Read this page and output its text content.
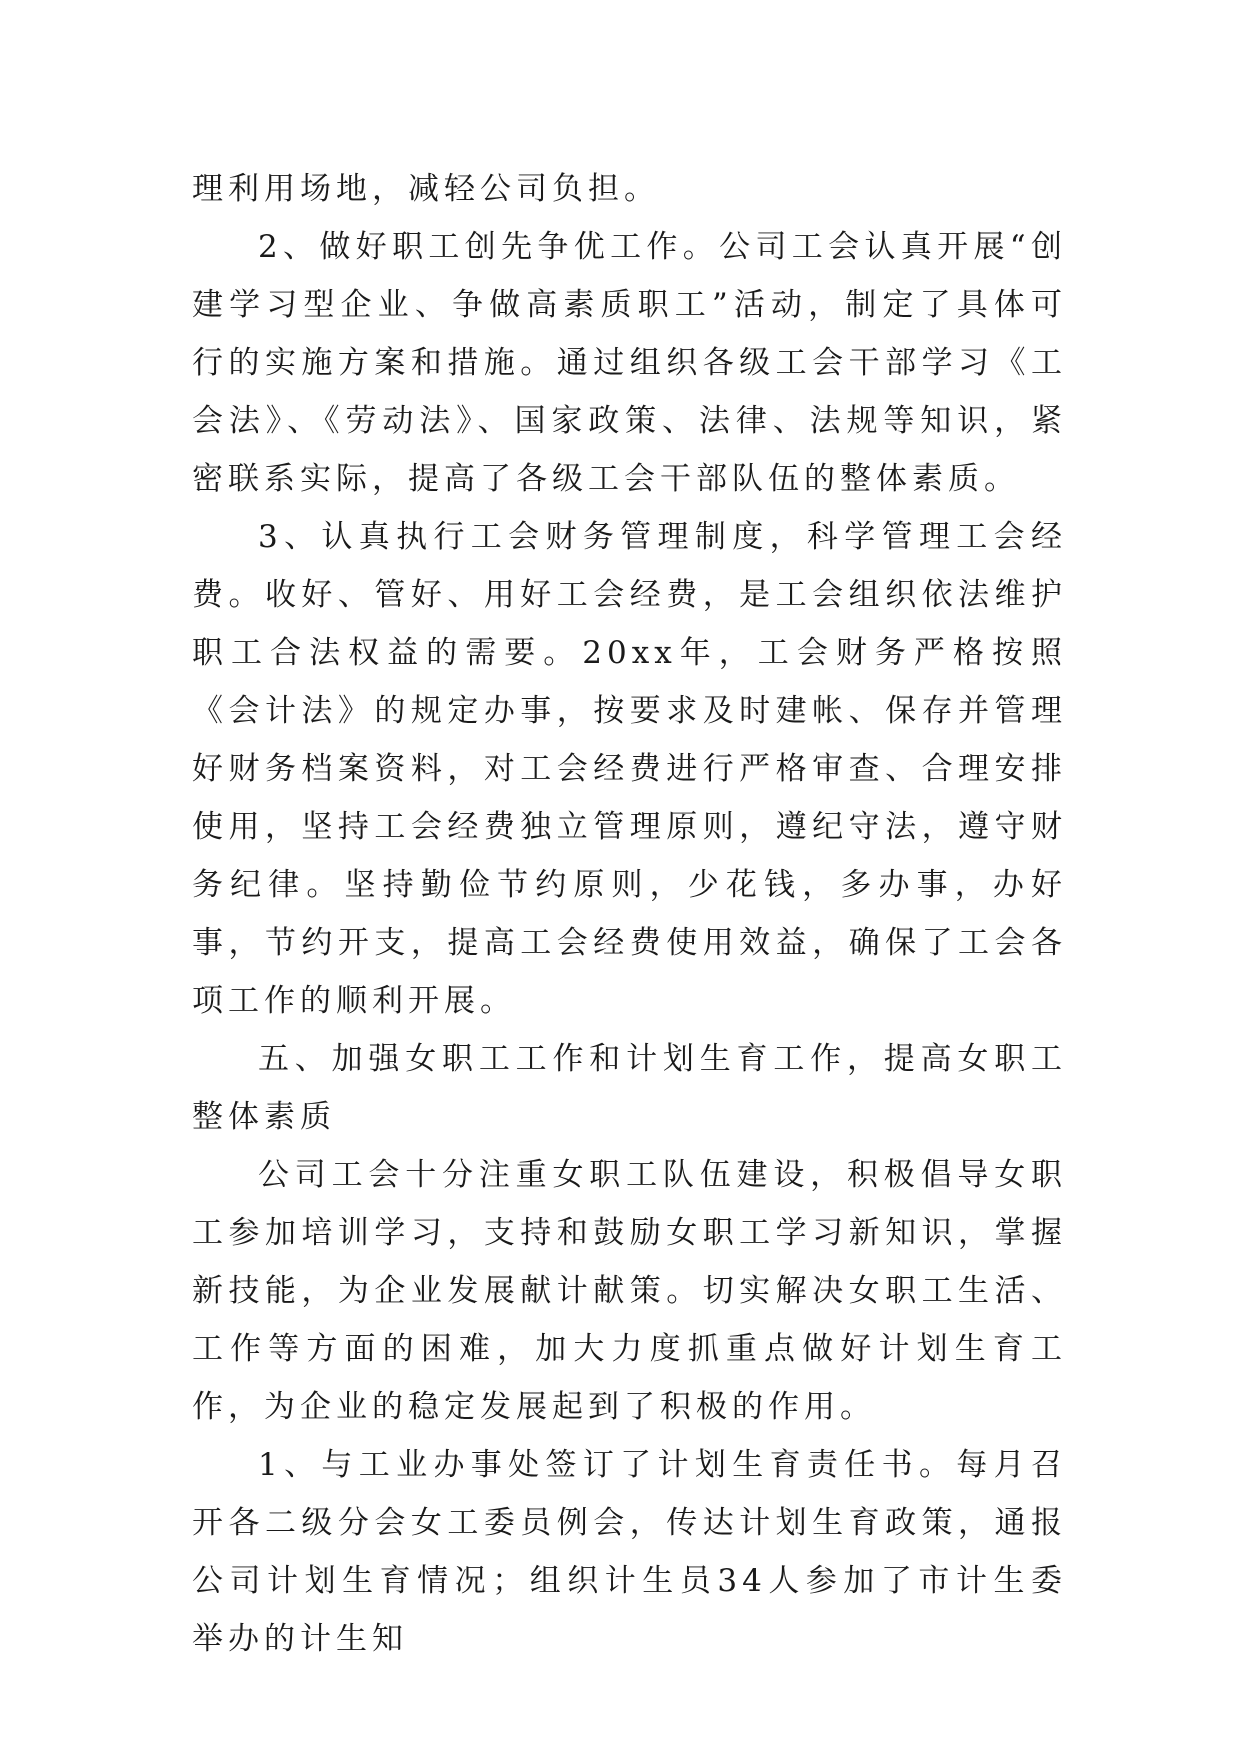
理利用场地，减轻公司负担。

2、做好职工创先争优工作。公司工会认真开展“创建学习型企业、争做高素质职工”活动，制定了具体可行的实施方案和措施。通过组织各级工会干部学习《工会法》、《劳动法》、国家政策、法律、法规等知识，紧密联系实际，提高了各级工会干部队伍的整体素质。

3、认真执行工会财务管理制度，科学管理工会经费。收好、管好、用好工会经费，是工会组织依法维护职工合法权益的需要。20xx年，工会财务严格按照《会计法》的规定办事，按要求及时建帐、保存并管理好财务档案资料，对工会经费进行严格审查、合理安排使用，坚持工会经费独立管理原则，遵纪守法，遵守财务纪律。坚持勤俭节约原则，少花钱，多办事，办好事，节约开支，提高工会经费使用效益，确保了工会各项工作的顺利开展。

五、加强女职工工作和计划生育工作，提高女职工整体素质

公司工会十分注重女职工队伍建设，积极倡导女职工参加培训学习，支持和鼓励女职工学习新知识，掌握新技能，为企业发展献计献策。切实解决女职工生活、工作等方面的困难，加大力度抓重点做好计划生育工作，为企业的稳定发展起到了积极的作用。

1、与工业办事处签订了计划生育责任书。每月召开各二级分会女工委员例会，传达计划生育政策，通报公司计划生育情况；组织计生员34人参加了市计生委举办的计生知
